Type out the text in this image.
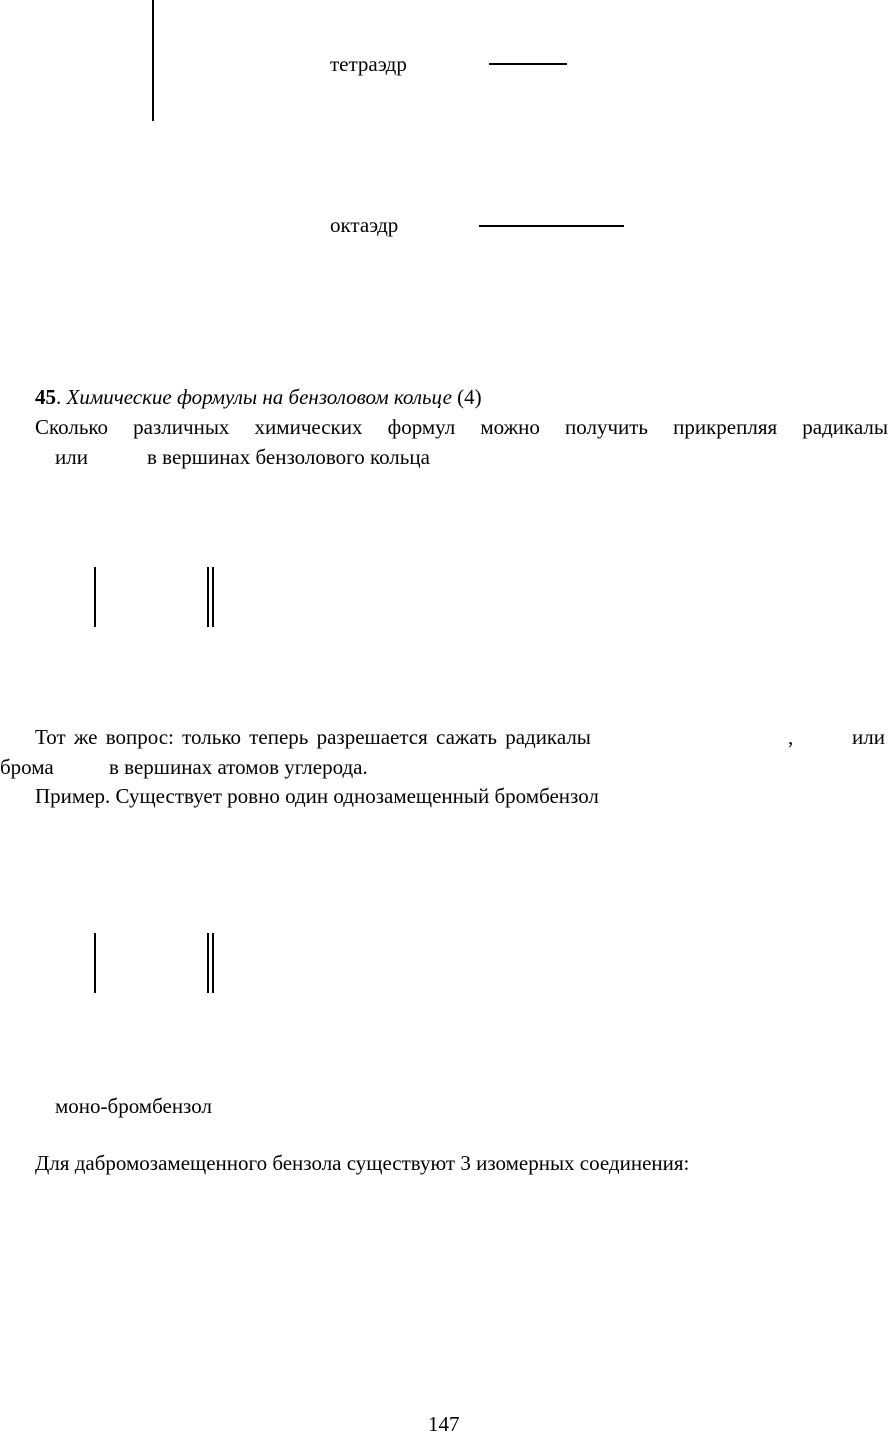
тетраэдр
октаэдр
45. Химические формулы на бензоловом кольце (4)
Сколько различных химических формул можно получить прикрепляя радикалы
или	в вершинах бензолового кольца
Тот же вопрос: только теперь разрешается сажать радикалы	,	или
брома	в вершинах атомов углерода.
Пример. Существует ровно один однозамещенный бромбензол
моно-бромбензол
Для дабромозамещенного бензола существуют 3 изомерных соединения:
147
